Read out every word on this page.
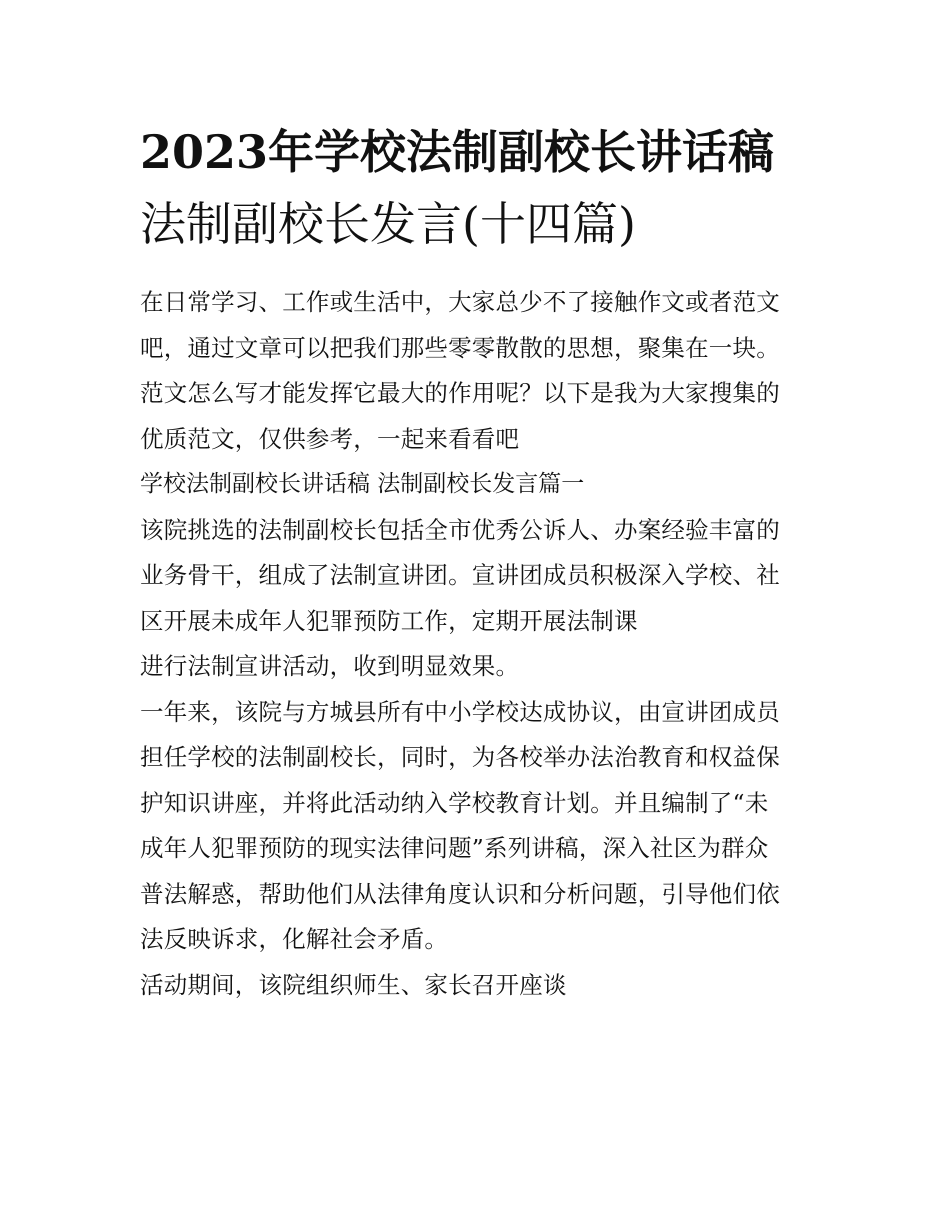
2023年学校法制副校长讲话稿
法制副校长发言(十四篇)
在日常学习、工作或生活中，大家总少不了接触作文或者范文
吧，通过文章可以把我们那些零零散散的思想，聚集在一块。
范文怎么写才能发挥它最大的作用呢？以下是我为大家搜集的
优质范文，仅供参考，一起来看看吧
学校法制副校长讲话稿 法制副校长发言篇一
该院挑选的法制副校长包括全市优秀公诉人、办案经验丰富的
业务骨干，组成了法制宣讲团。宣讲团成员积极深入学校、社
区开展未成年人犯罪预防工作，定期开展法制课
进行法制宣讲活动，收到明显效果。
一年来，该院与方城县所有中小学校达成协议，由宣讲团成员
担任学校的法制副校长，同时，为各校举办法治教育和权益保
护知识讲座，并将此活动纳入学校教育计划。并且编制了“未
成年人犯罪预防的现实法律问题”系列讲稿，深入社区为群众
普法解惑，帮助他们从法律角度认识和分析问题，引导他们依
法反映诉求，化解社会矛盾。
活动期间，该院组织师生、家长召开座谈
